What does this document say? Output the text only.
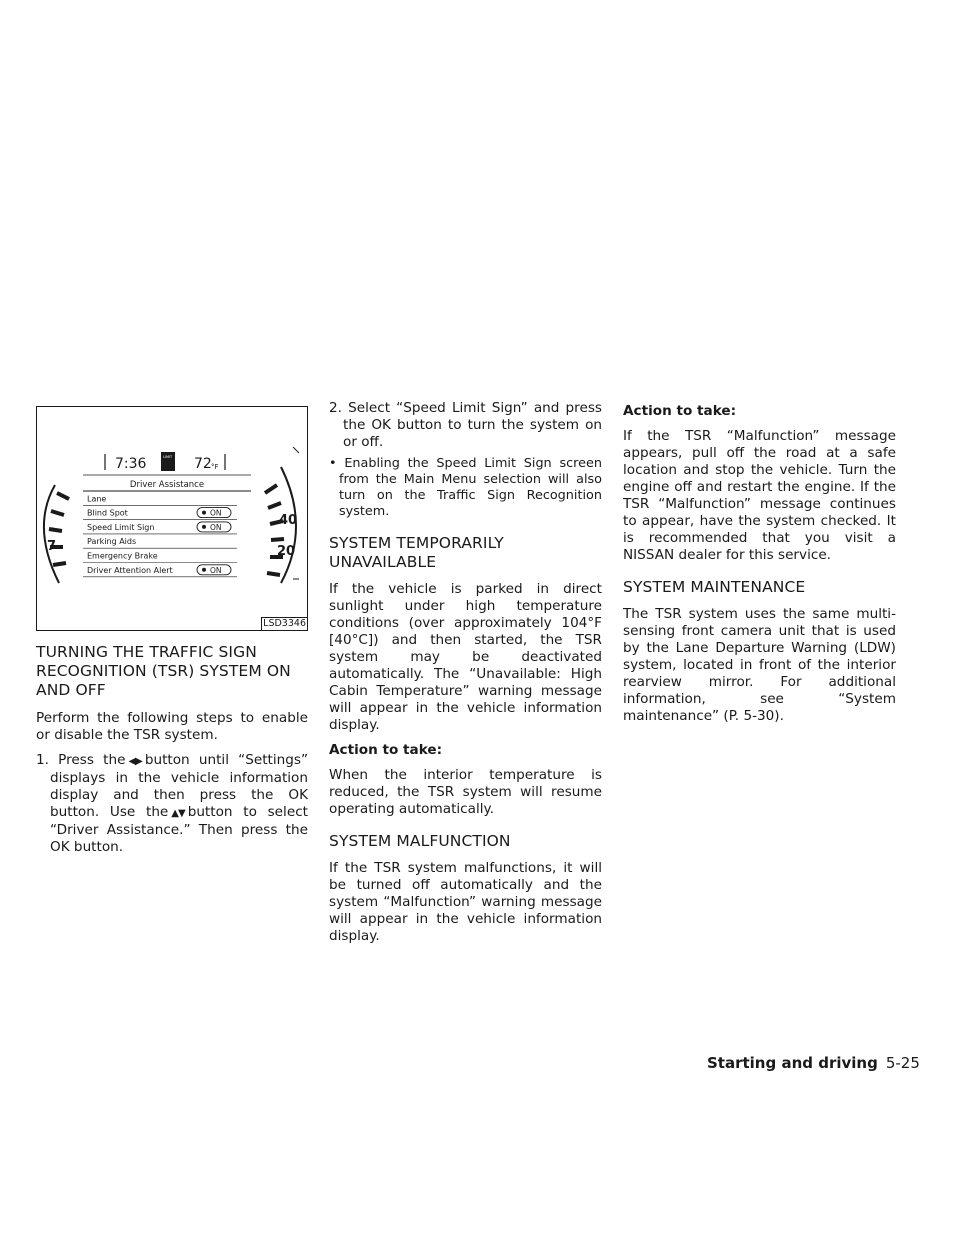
7:36	LIMIT 72 °F
Driver Assistance
Lane
Blind Spot	ON
Speed Limit Sign	ON
Parking Aids
Emergency Brake
Driver Attention Alert	ON
7
40
20
LSD3346
TURNING THE TRAFFIC SIGN RECOGNITION (TSR) SYSTEM ON AND OFF

Perform the following steps to enable or disable the TSR system.

1. Press the ◀▶ button until “Settings” displays in the vehicle information display and then press the OK button. Use the ▲▼ button to select “Driver Assistance.” Then press the OK button.
2. Select “Speed Limit Sign” and press the OK button to turn the system on or off.
• Enabling the Speed Limit Sign screen from the Main Menu selection will also turn on the Traffic Sign Recognition system.
SYSTEM TEMPORARILY UNAVAILABLE

If the vehicle is parked in direct sunlight under high temperature conditions (over approximately 104°F [40°C]) and then started, the TSR system may be deactivated automatically. The “Unavailable: High Cabin Temperature” warning message will appear in the vehicle information display.

Action to take:

When the interior temperature is reduced, the TSR system will resume operating automatically.

SYSTEM MALFUNCTION

If the TSR system malfunctions, it will be turned off automatically and the system “Malfunction” warning message will appear in the vehicle information display.

Action to take:

If the TSR “Malfunction” message appears, pull off the road at a safe location and stop the vehicle. Turn the engine off and restart the engine. If the TSR “Malfunction” message continues to appear, have the system checked. It is recommended that you visit a NISSAN dealer for this service.

SYSTEM MAINTENANCE

The TSR system uses the same multi-sensing front camera unit that is used by the Lane Departure Warning (LDW) system, located in front of the interior rearview mirror. For additional information, see “System maintenance” (P. 5-30).

Starting and driving 5-25
